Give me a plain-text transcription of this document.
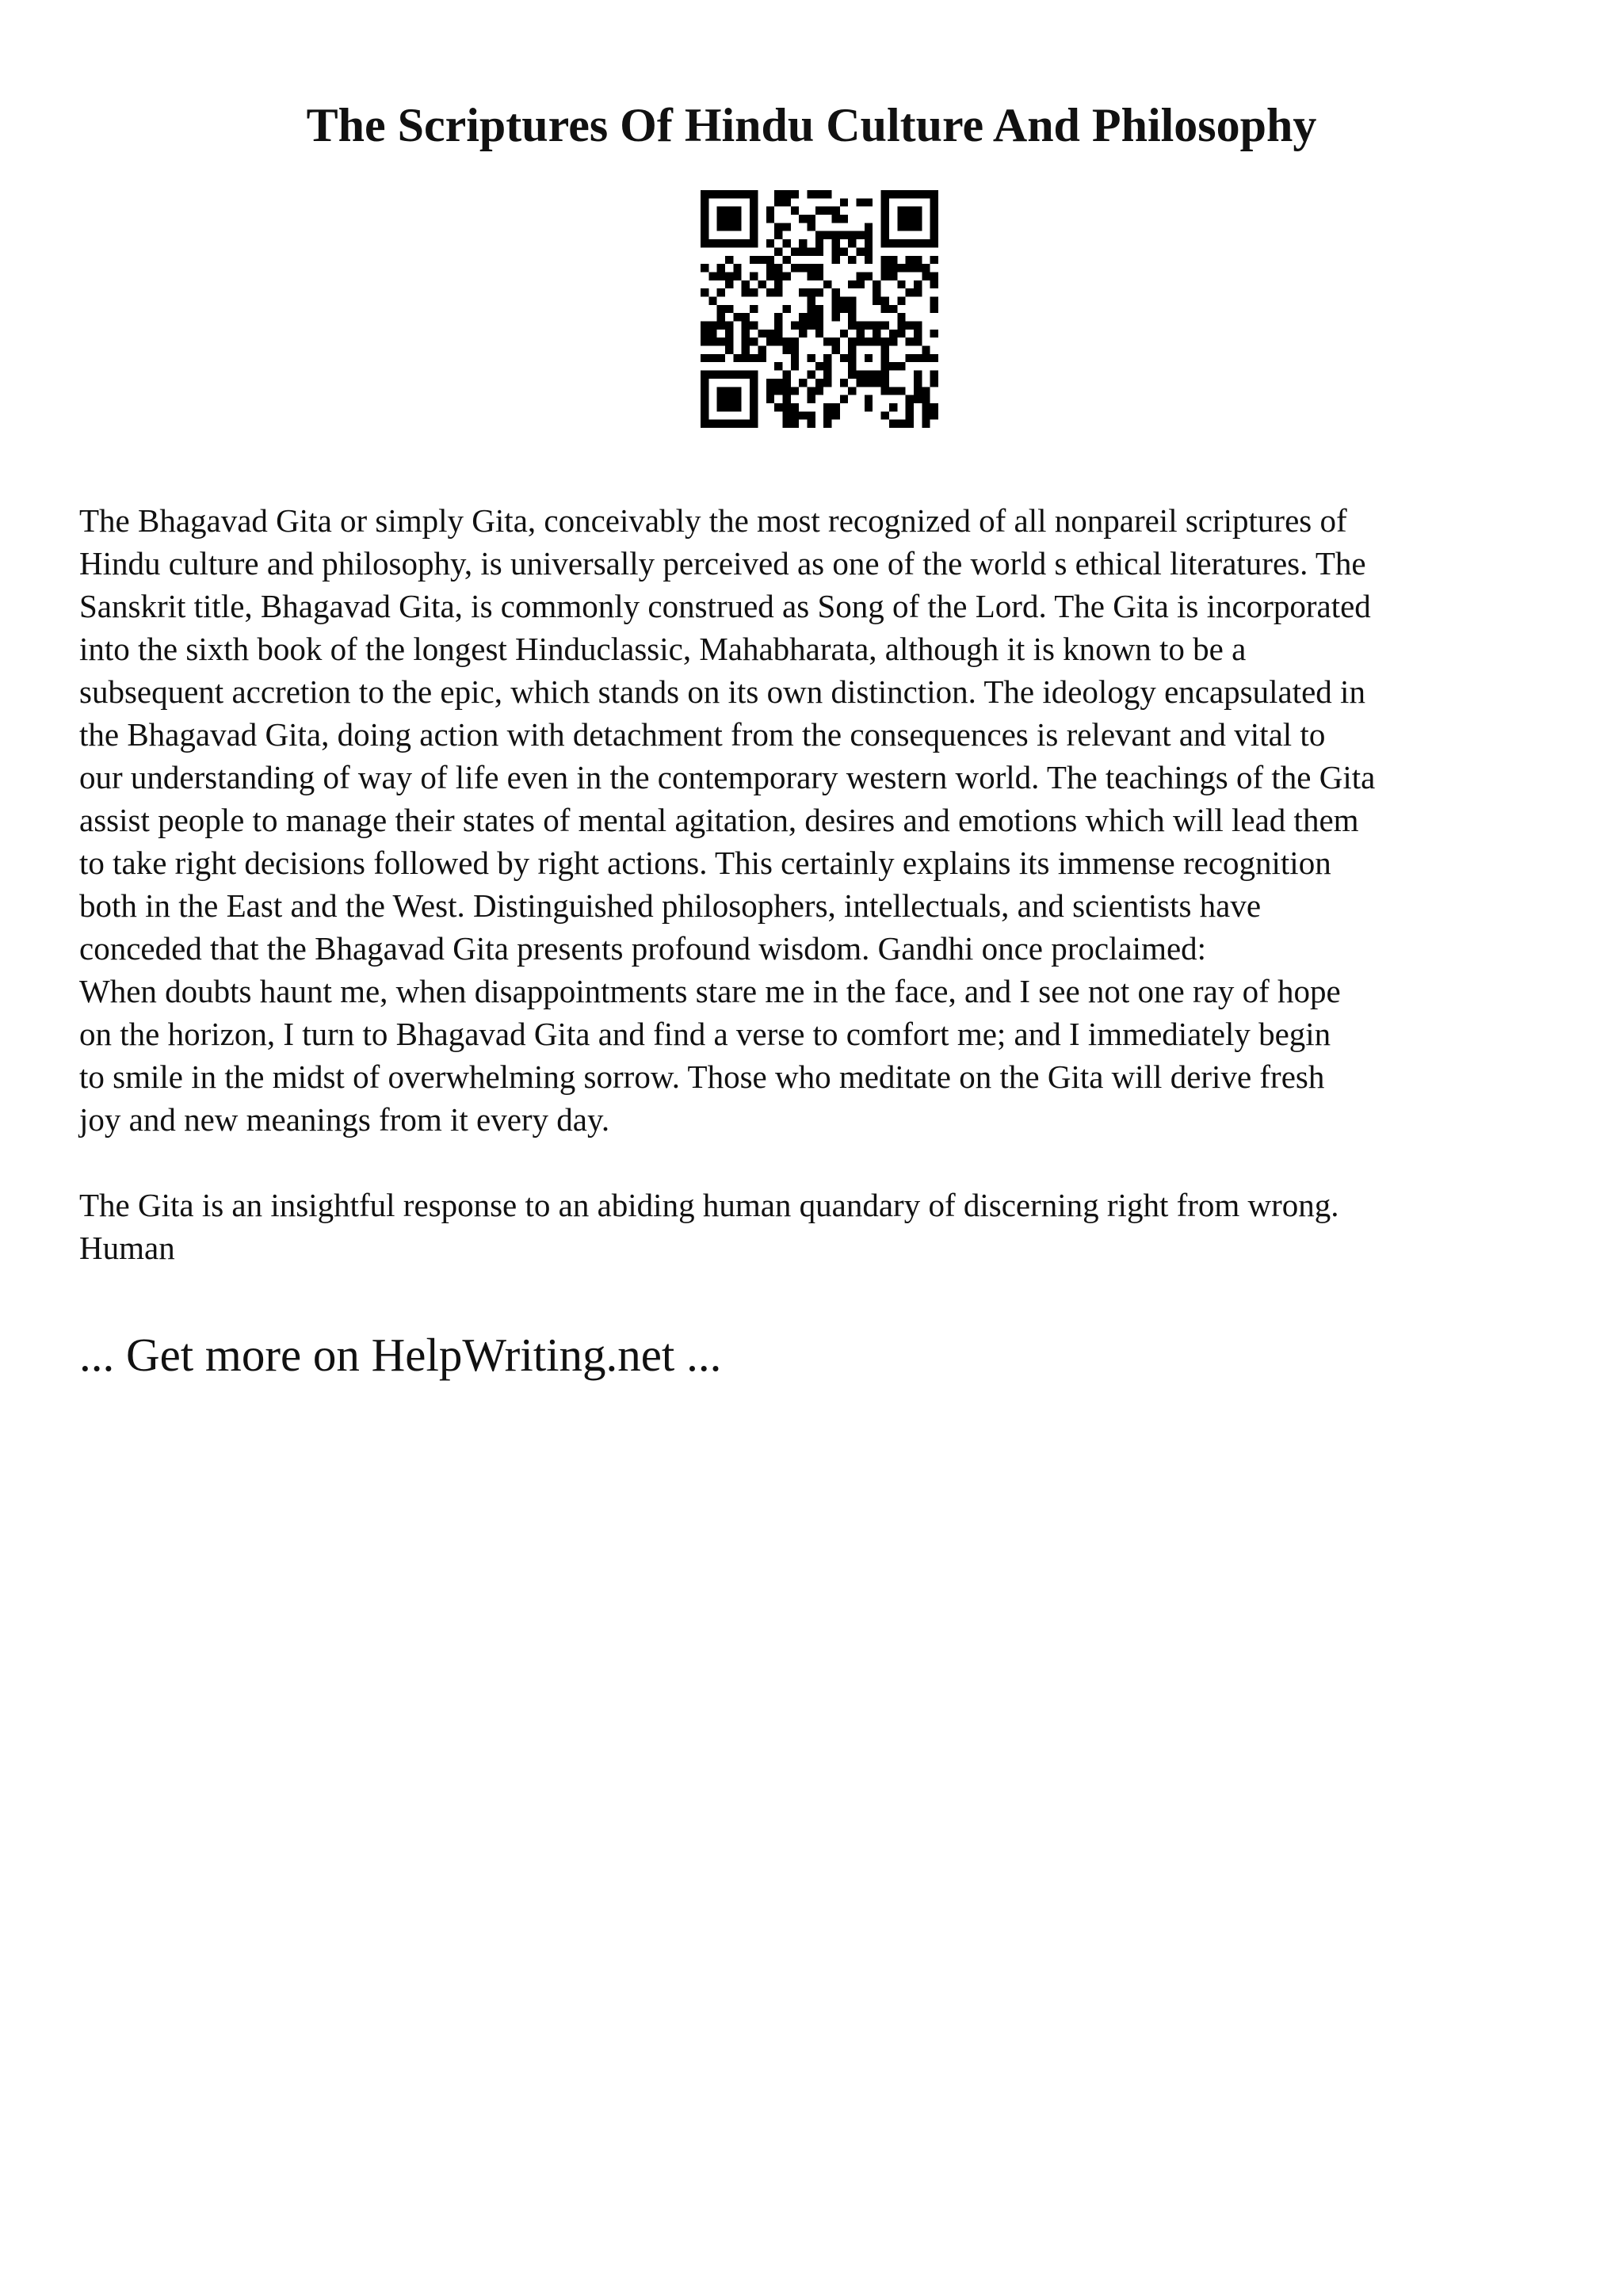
The Scriptures Of Hindu Culture And Philosophy

The Bhagavad Gita or simply Gita, conceivably the most recognized of all nonpareil scriptures of
Hindu culture and philosophy, is universally perceived as one of the world s ethical literatures. The
Sanskrit title, Bhagavad Gita, is commonly construed as Song of the Lord. The Gita is incorporated
into the sixth book of the longest Hinduclassic, Mahabharata, although it is known to be a
subsequent accretion to the epic, which stands on its own distinction. The ideology encapsulated in
the Bhagavad Gita, doing action with detachment from the consequences is relevant and vital to
our understanding of way of life even in the contemporary western world. The teachings of the Gita
assist people to manage their states of mental agitation, desires and emotions which will lead them
to take right decisions followed by right actions. This certainly explains its immense recognition
both in the East and the West. Distinguished philosophers, intellectuals, and scientists have
conceded that the Bhagavad Gita presents profound wisdom. Gandhi once proclaimed:

When doubts haunt me, when disappointments stare me in the face, and I see not one ray of hope
on the horizon, I turn to Bhagavad Gita and find a verse to comfort me; and I immediately begin
to smile in the midst of overwhelming sorrow. Those who meditate on the Gita will derive fresh
joy and new meanings from it every day.

The Gita is an insightful response to an abiding human quandary of discerning right from wrong.
Human

... Get more on HelpWriting.net ...
